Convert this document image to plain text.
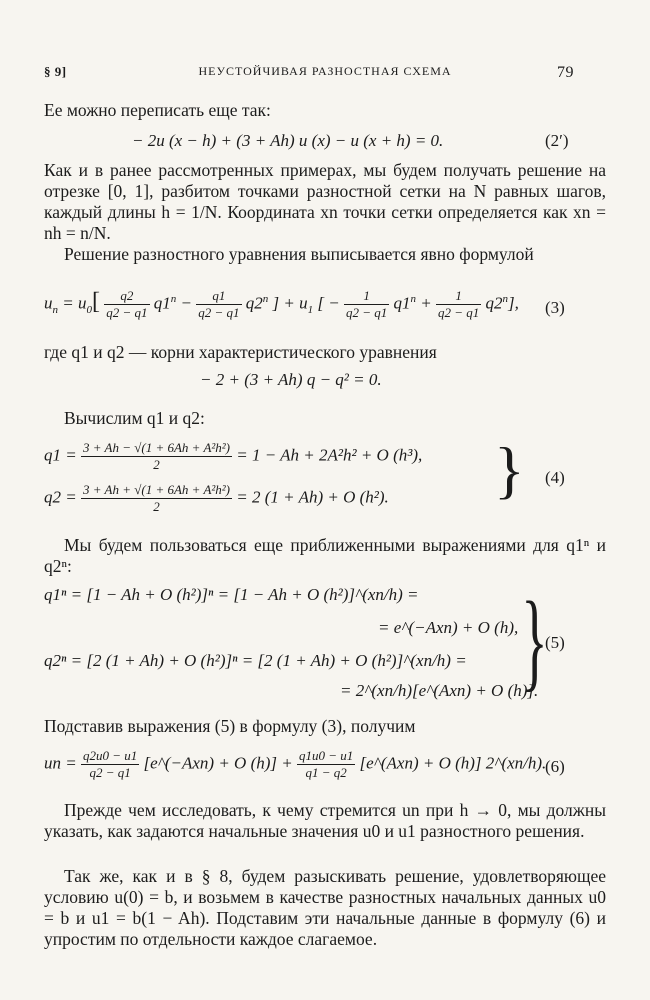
§ 9]	НЕУСТОЙЧИВАЯ РАЗНОСТНАЯ СХЕМА	79
Ее можно переписать еще так:
− 2u (x − h) + (3 + Ah) u (x) − u (x + h) = 0.	(2′)
Как и в ранее рассмотренных примерах, мы будем получать решение на отрезке [0, 1], разбитом точками разностной сетки на N равных шагов, каждый длины h = 1/N. Координата xn точки сетки определяется как xn = nh = n/N.
Решение разностного уравнения выписывается явно формулой
$u_n = u_0[ \frac{q2}{q2 - q1} q1^n - \frac{q1}{q2 - q1} q2^n$ ] + $u_1$ [ − $\frac{1}{q2 - q1} q1^n + \frac{1}{q2 - q1} q2^n$], (3)
где q1 и q2 — корни характеристического уравнения
− 2 + (3 + Ah) q − q² = 0.
Вычислим q1 и q2:
$q1 = \frac{\text{3 + Ah − √(1 + 6Ah + A²h²)}}{2} = 1 - Ah + 2A^2h^2 + O$ (h³),
$q2 = \frac{\text{3 + Ah + √(1 + 6Ah + A²h²)}}{2} = 2$ (1 + Ah) + O (h²). } (4)
Мы будем пользоваться еще приближенными выражениями для q1ⁿ и q2ⁿ:
q1ⁿ = [1 − Ah + O (h²)]ⁿ = [1 − Ah + O (h²)]^(xn/h) =
= e^(−Axn) + O (h),
q2ⁿ = [2 (1 + Ah) + O (h²)]ⁿ = [2 (1 + Ah) + O (h²)]^(xn/h) =
= 2^(xn/h)[e^(Axn) + O (h)].
}
(5)
Подставив выражения (5) в формулу (3), получим
un = $\frac{q2u0 - u1}{q2 - q1}$ [e^(−Axn) + O $(h)] + \frac{q1u0 - u1}{q1 - q2}$ [e^(Axn) + O (h)] 2^(xn/h).
(6)
Прежде чем исследовать, к чему стремится un при h → 0, мы должны указать, как задаются начальные значения u0 и u1 разностного решения.
Так же, как и в § 8, будем разыскивать решение, удовлетворяющее условию u(0) = b, и возьмем в качестве разностных начальных данных u0 = b и u1 = b(1 − Ah). Подставим эти начальные данные в формулу (6) и упростим по отдельности каждое слагаемое.
